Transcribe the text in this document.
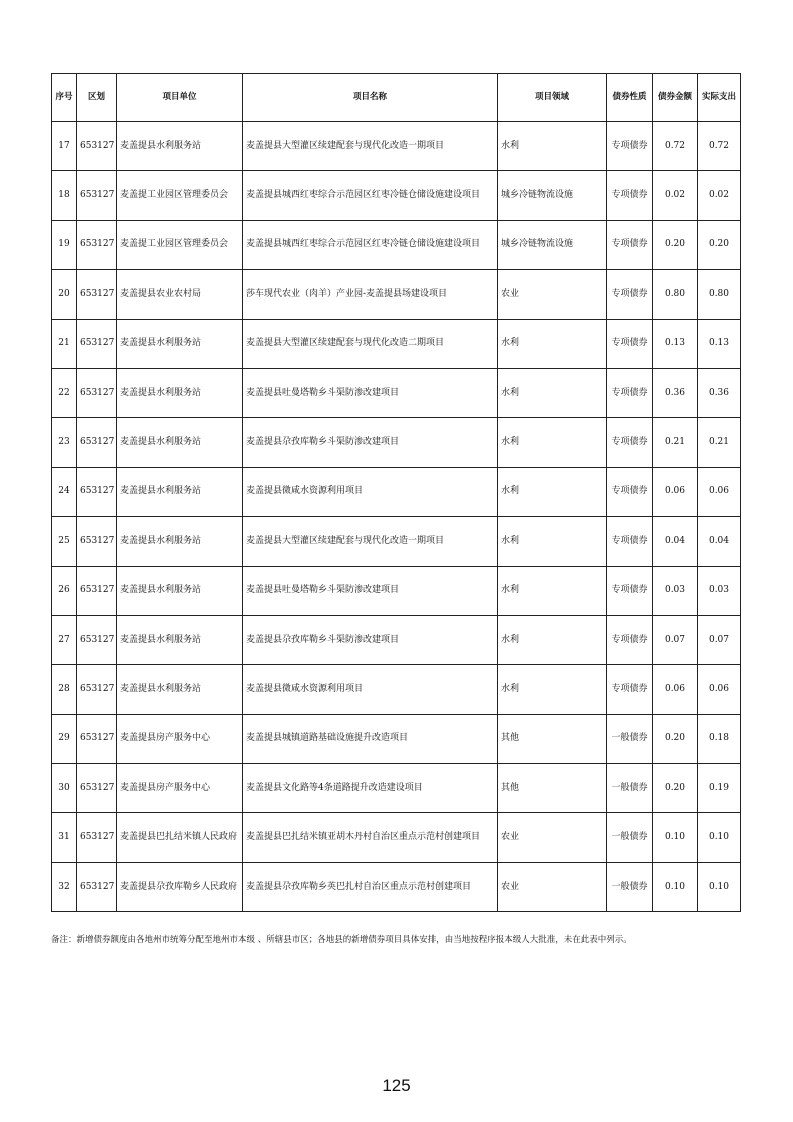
序号	区划	项目单位	项目名称	项目领域	债券性质	债券金额	实际支出
17	653127	麦盖提县水利服务站	麦盖提县大型灌区续建配套与现代化改造一期项目	水利	专项债券	0.72	0.72
18	653127	麦盖提工业园区管理委员会	麦盖提县城西红枣综合示范园区红枣冷链仓储设施建设项目	城乡冷链物流设施	专项债券	0.02	0.02
19	653127	麦盖提工业园区管理委员会	麦盖提县城西红枣综合示范园区红枣冷链仓储设施建设项目	城乡冷链物流设施	专项债券	0.20	0.20
20	653127	麦盖提县农业农村局	莎车现代农业（肉羊）产业园-麦盖提县场建设项目	农业	专项债券	0.80	0.80
21	653127	麦盖提县水利服务站	麦盖提县大型灌区续建配套与现代化改造二期项目	水利	专项债券	0.13	0.13
22	653127	麦盖提县水利服务站	麦盖提县吐曼塔勒乡斗渠防渗改建项目	水利	专项债券	0.36	0.36
23	653127	麦盖提县水利服务站	麦盖提县尕孜库勒乡斗渠防渗改建项目	水利	专项债券	0.21	0.21
24	653127	麦盖提县水利服务站	麦盖提县微咸水资源利用项目	水利	专项债券	0.06	0.06
25	653127	麦盖提县水利服务站	麦盖提县大型灌区续建配套与现代化改造一期项目	水利	专项债券	0.04	0.04
26	653127	麦盖提县水利服务站	麦盖提县吐曼塔勒乡斗渠防渗改建项目	水利	专项债券	0.03	0.03
27	653127	麦盖提县水利服务站	麦盖提县尕孜库勒乡斗渠防渗改建项目	水利	专项债券	0.07	0.07
28	653127	麦盖提县水利服务站	麦盖提县微咸水资源利用项目	水利	专项债券	0.06	0.06
29	653127	麦盖提县房产服务中心	麦盖提县城镇道路基础设施提升改造项目	其他	一般债券	0.20	0.18
30	653127	麦盖提县房产服务中心	麦盖提县文化路等4条道路提升改造建设项目	其他	一般债券	0.20	0.19
31	653127	麦盖提县巴扎结米镇人民政府	麦盖提县巴扎结米镇亚胡木丹村自治区重点示范村创建项目	农业	一般债券	0.10	0.10
32	653127	麦盖提县尕孜库勒乡人民政府	麦盖提县尕孜库勒乡英巴扎村自治区重点示范村创建项目	农业	一般债券	0.10	0.10
备注：新增债券额度由各地州市统筹分配至地州市本级 、所辖县市区；各地县的新增债券项目具体安排，由当地按程序报本级人大批准，未在此表中列示。
125
